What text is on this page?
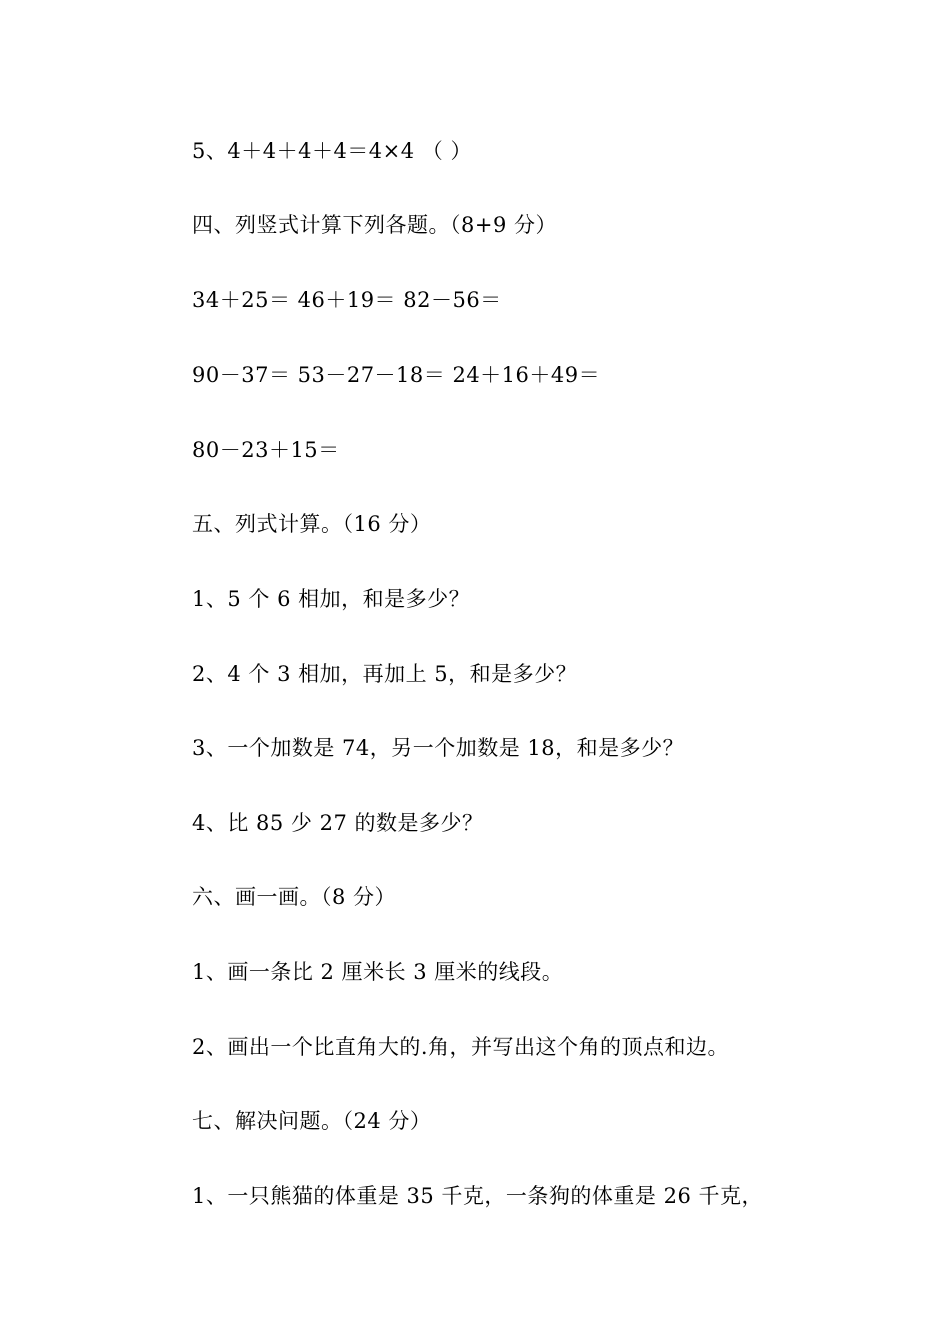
5、4＋4＋4＋4＝4×4 （ ）
四、列竖式计算下列各题。（8+9 分）
34＋25＝ 46＋19＝ 82－56＝
90－37＝ 53－27－18＝ 24＋16＋49＝
80－23＋15＝
五、列式计算。（16 分）
1、5 个 6 相加，和是多少？
2、4 个 3 相加，再加上 5，和是多少？
3、一个加数是 74，另一个加数是 18，和是多少？
4、比 85 少 27 的数是多少？
六、画一画。（8 分）
1、画一条比 2 厘米长 3 厘米的线段。
2、画出一个比直角大的.角，并写出这个角的顶点和边。
七、解决问题。（24 分）
1、一只熊猫的体重是 35 千克，一条狗的体重是 26 千克，
